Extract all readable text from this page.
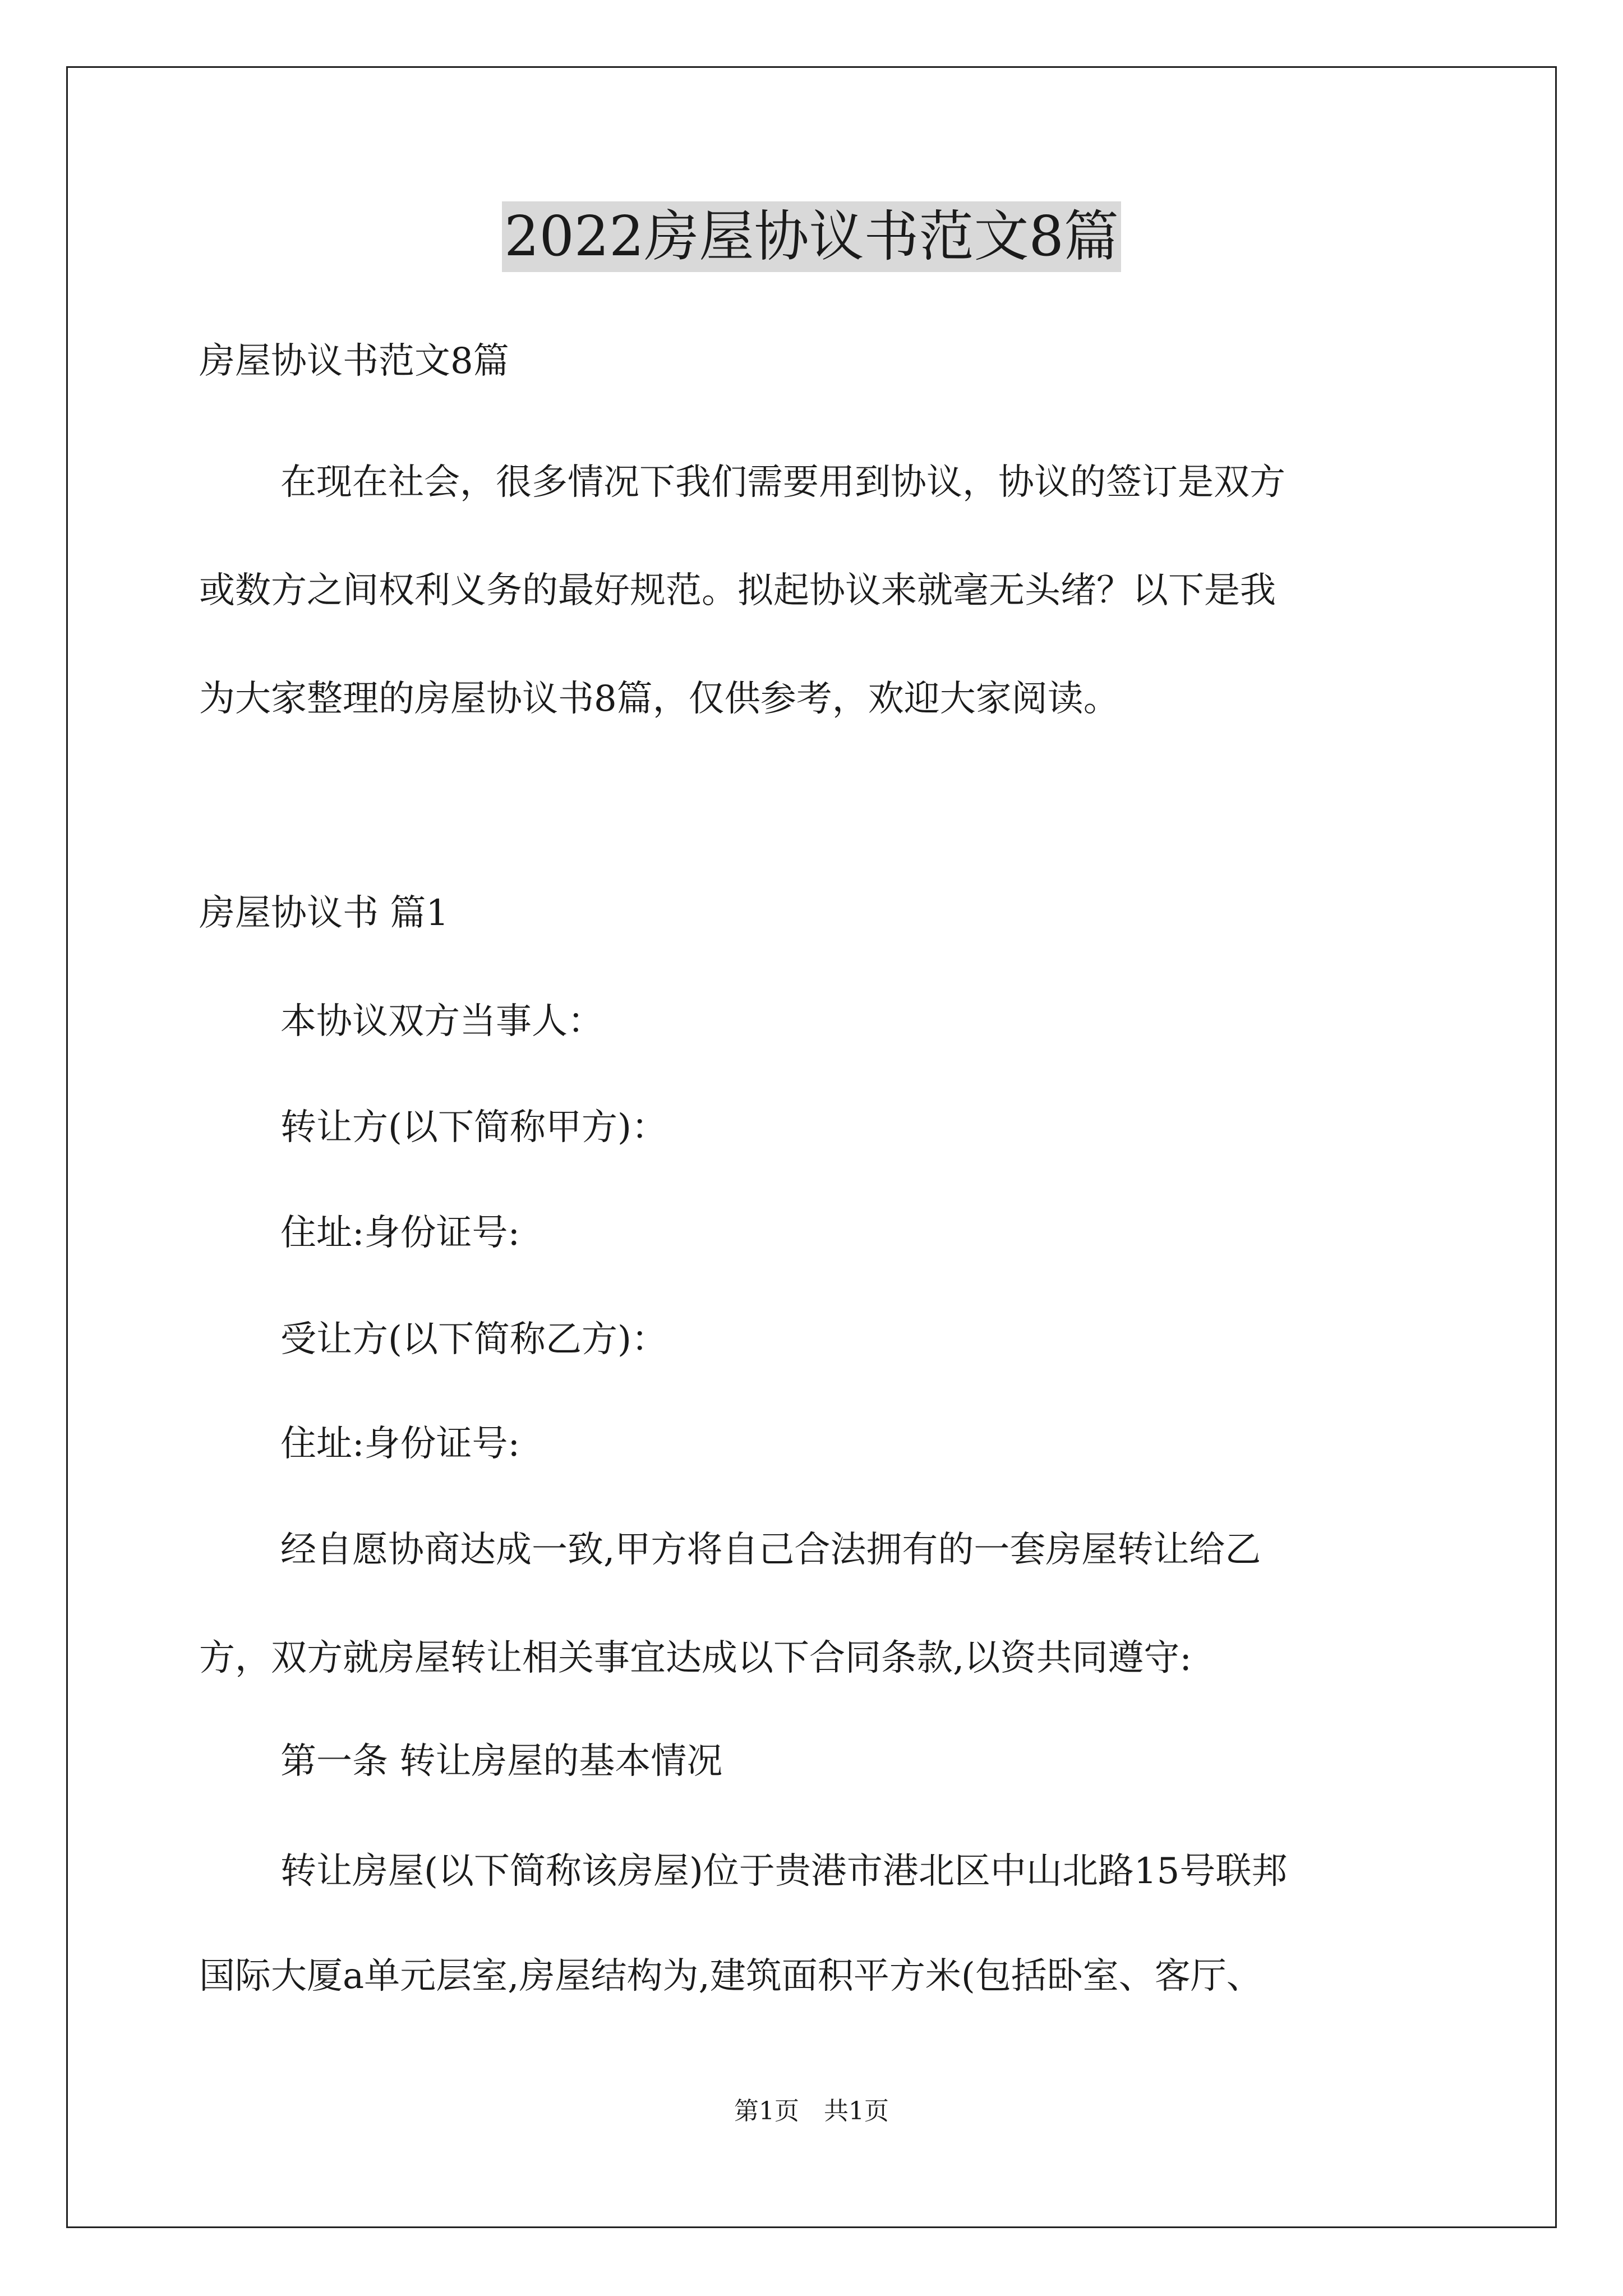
2022房屋协议书范文8篇
房屋协议书范文8篇
在现在社会，很多情况下我们需要用到协议，协议的签订是双方
或数方之间权利义务的最好规范。拟起协议来就毫无头绪？以下是我
为大家整理的房屋协议书8篇，仅供参考，欢迎大家阅读。
房屋协议书 篇1
本协议双方当事人：
转让方(以下简称甲方)：
住址:身份证号:
受让方(以下简称乙方)：
住址:身份证号:
经自愿协商达成一致,甲方将自己合法拥有的一套房屋转让给乙
方，双方就房屋转让相关事宜达成以下合同条款,以资共同遵守:
第一条 转让房屋的基本情况
转让房屋(以下简称该房屋)位于贵港市港北区中山北路15号联邦
国际大厦a单元层室,房屋结构为,建筑面积平方米(包括卧室、客厅、
第1页　共1页
